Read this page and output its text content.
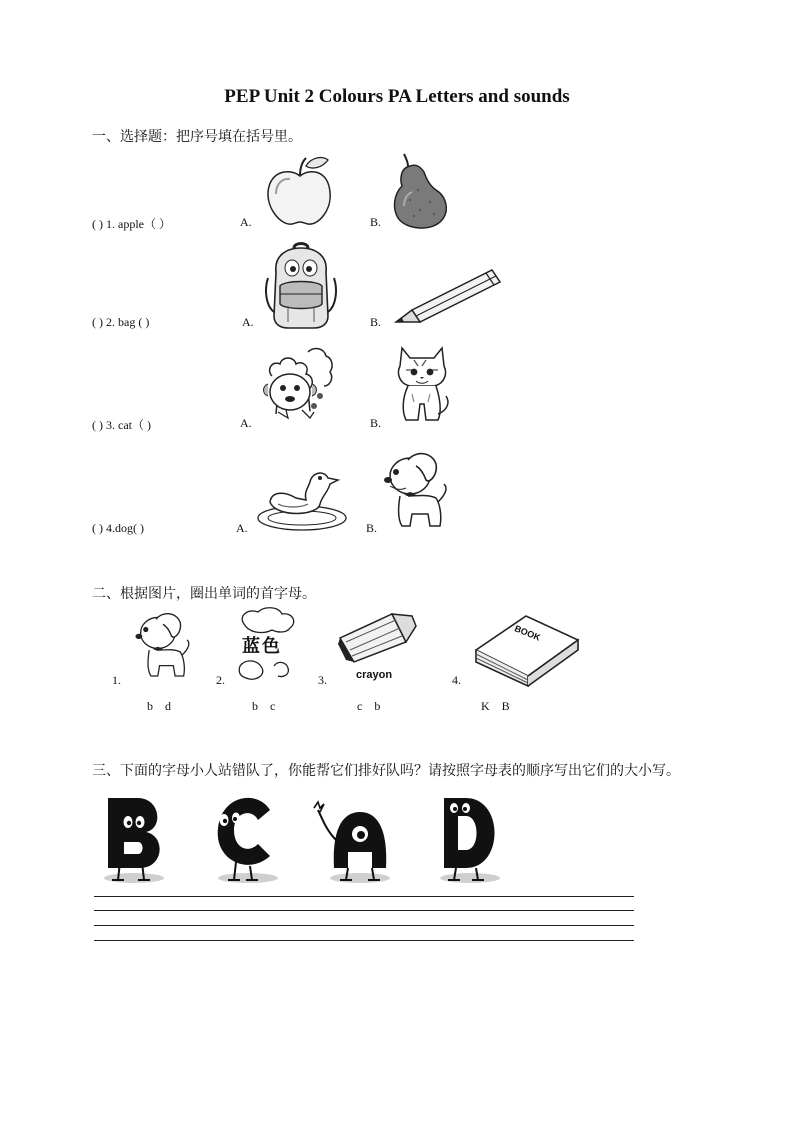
PEP Unit 2 Colours PA Letters and sounds
一、选择题：把序号填在括号里。
( ) 1. apple（ ）	A.	B.
( ) 2. bag ( )	A.	B.
( ) 3. cat（ )	A.	B.
( ) 4.dog( )	A.	B.
二、根据图片，圈出单词的首字母。
1.	2.	3.	4.
b    d	b    c	c    b	K    B
蓝色
crayon
BOOK
三、下面的字母小人站错队了，你能帮它们排好队吗？请按照字母表的顺序写出它们的大小写。
